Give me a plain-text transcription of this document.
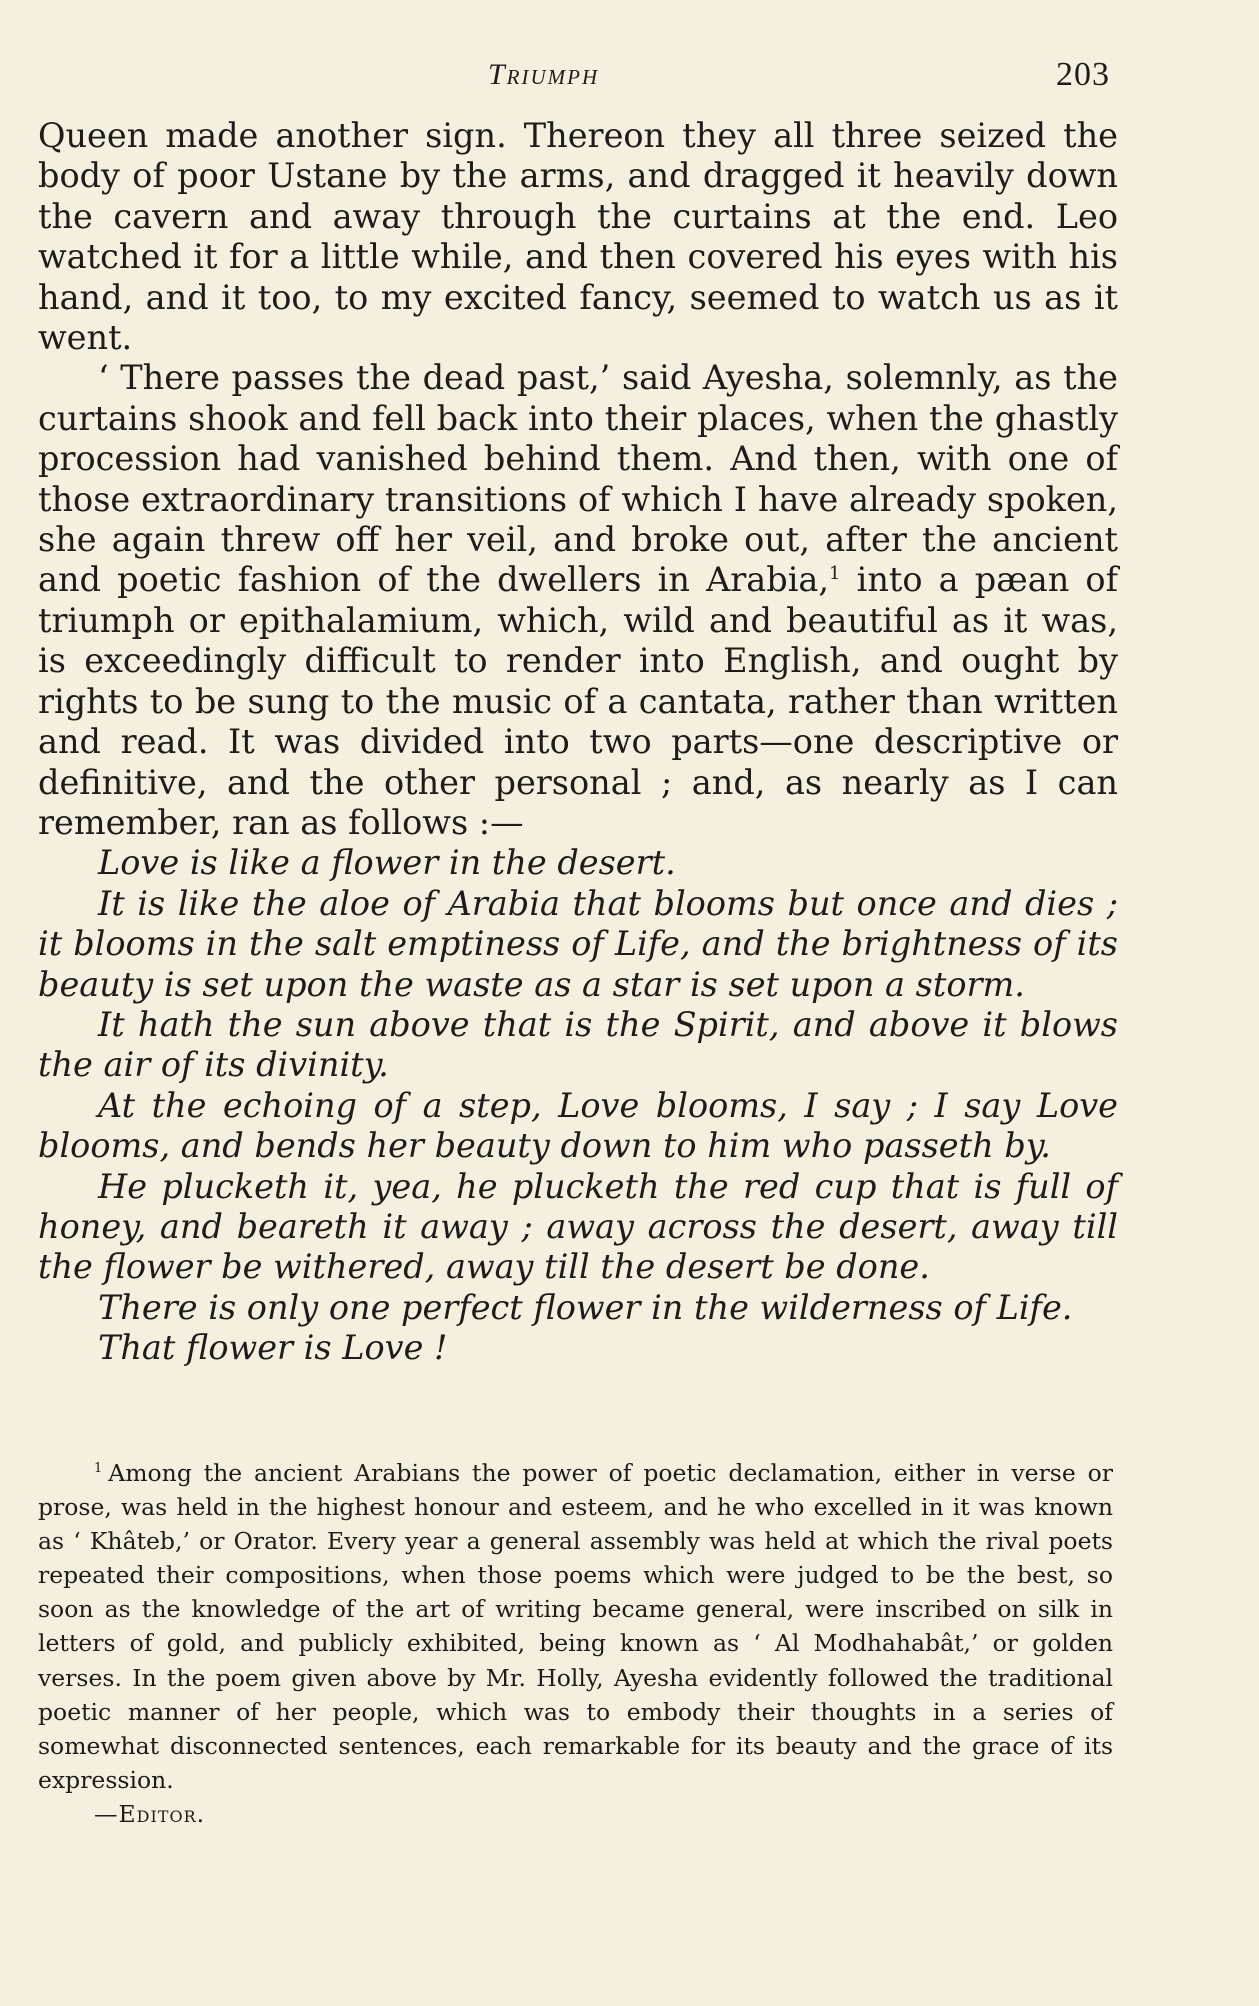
Triumph	203

Queen made another sign. Thereon they all three seized the body of poor Ustane by the arms, and dragged it heavily down the cavern and away through the curtains at the end. Leo watched it for a little while, and then covered his eyes with his hand, and it too, to my excited fancy, seemed to watch us as it went.

‘ There passes the dead past,’ said Ayesha, solemnly, as the curtains shook and fell back into their places, when the ghastly procession had vanished behind them. And then, with one of those extraordinary transitions of which I have already spoken, she again threw off her veil, and broke out, after the ancient and poetic fashion of the dwellers in Arabia,$^1$ into a pæan of triumph or epithalamium, which, wild and beautiful as it was, is exceedingly difficult to render into English, and ought by rights to be sung to the music of a cantata, rather than written and read. It was divided into two parts—one descriptive or definitive, and the other personal ; and, as nearly as I can remember, ran as follows :—

Love is like a flower in the desert.

It is like the aloe of Arabia that blooms but once and dies ; it blooms in the salt emptiness of Life, and the brightness of its beauty is set upon the waste as a star is set upon a storm.

It hath the sun above that is the Spirit, and above it blows the air of its divinity.

At the echoing of a step, Love blooms, I say ; I say Love blooms, and bends her beauty down to him who passeth by.

He plucketh it, yea, he plucketh the red cup that is full of honey, and beareth it away ; away across the desert, away till the flower be withered, away till the desert be done.

There is only one perfect flower in the wilderness of Life.

That flower is Love !

$^1$ Among the ancient Arabians the power of poetic declamation, either in verse or prose, was held in the highest honour and esteem, and he who excelled in it was known as ‘ Khâteb,’ or Orator. Every year a general assembly was held at which the rival poets repeated their compositions, when those poems which were judged to be the best, so soon as the knowledge of the art of writing became general, were inscribed on silk in letters of gold, and publicly exhibited, being known as ‘ Al Modhahabât,’ or golden verses. In the poem given above by Mr. Holly, Ayesha evidently followed the traditional poetic manner of her people, which was to embody their thoughts in a series of somewhat disconnected sentences, each remarkable for its beauty and the grace of its expression.

—Editor.
